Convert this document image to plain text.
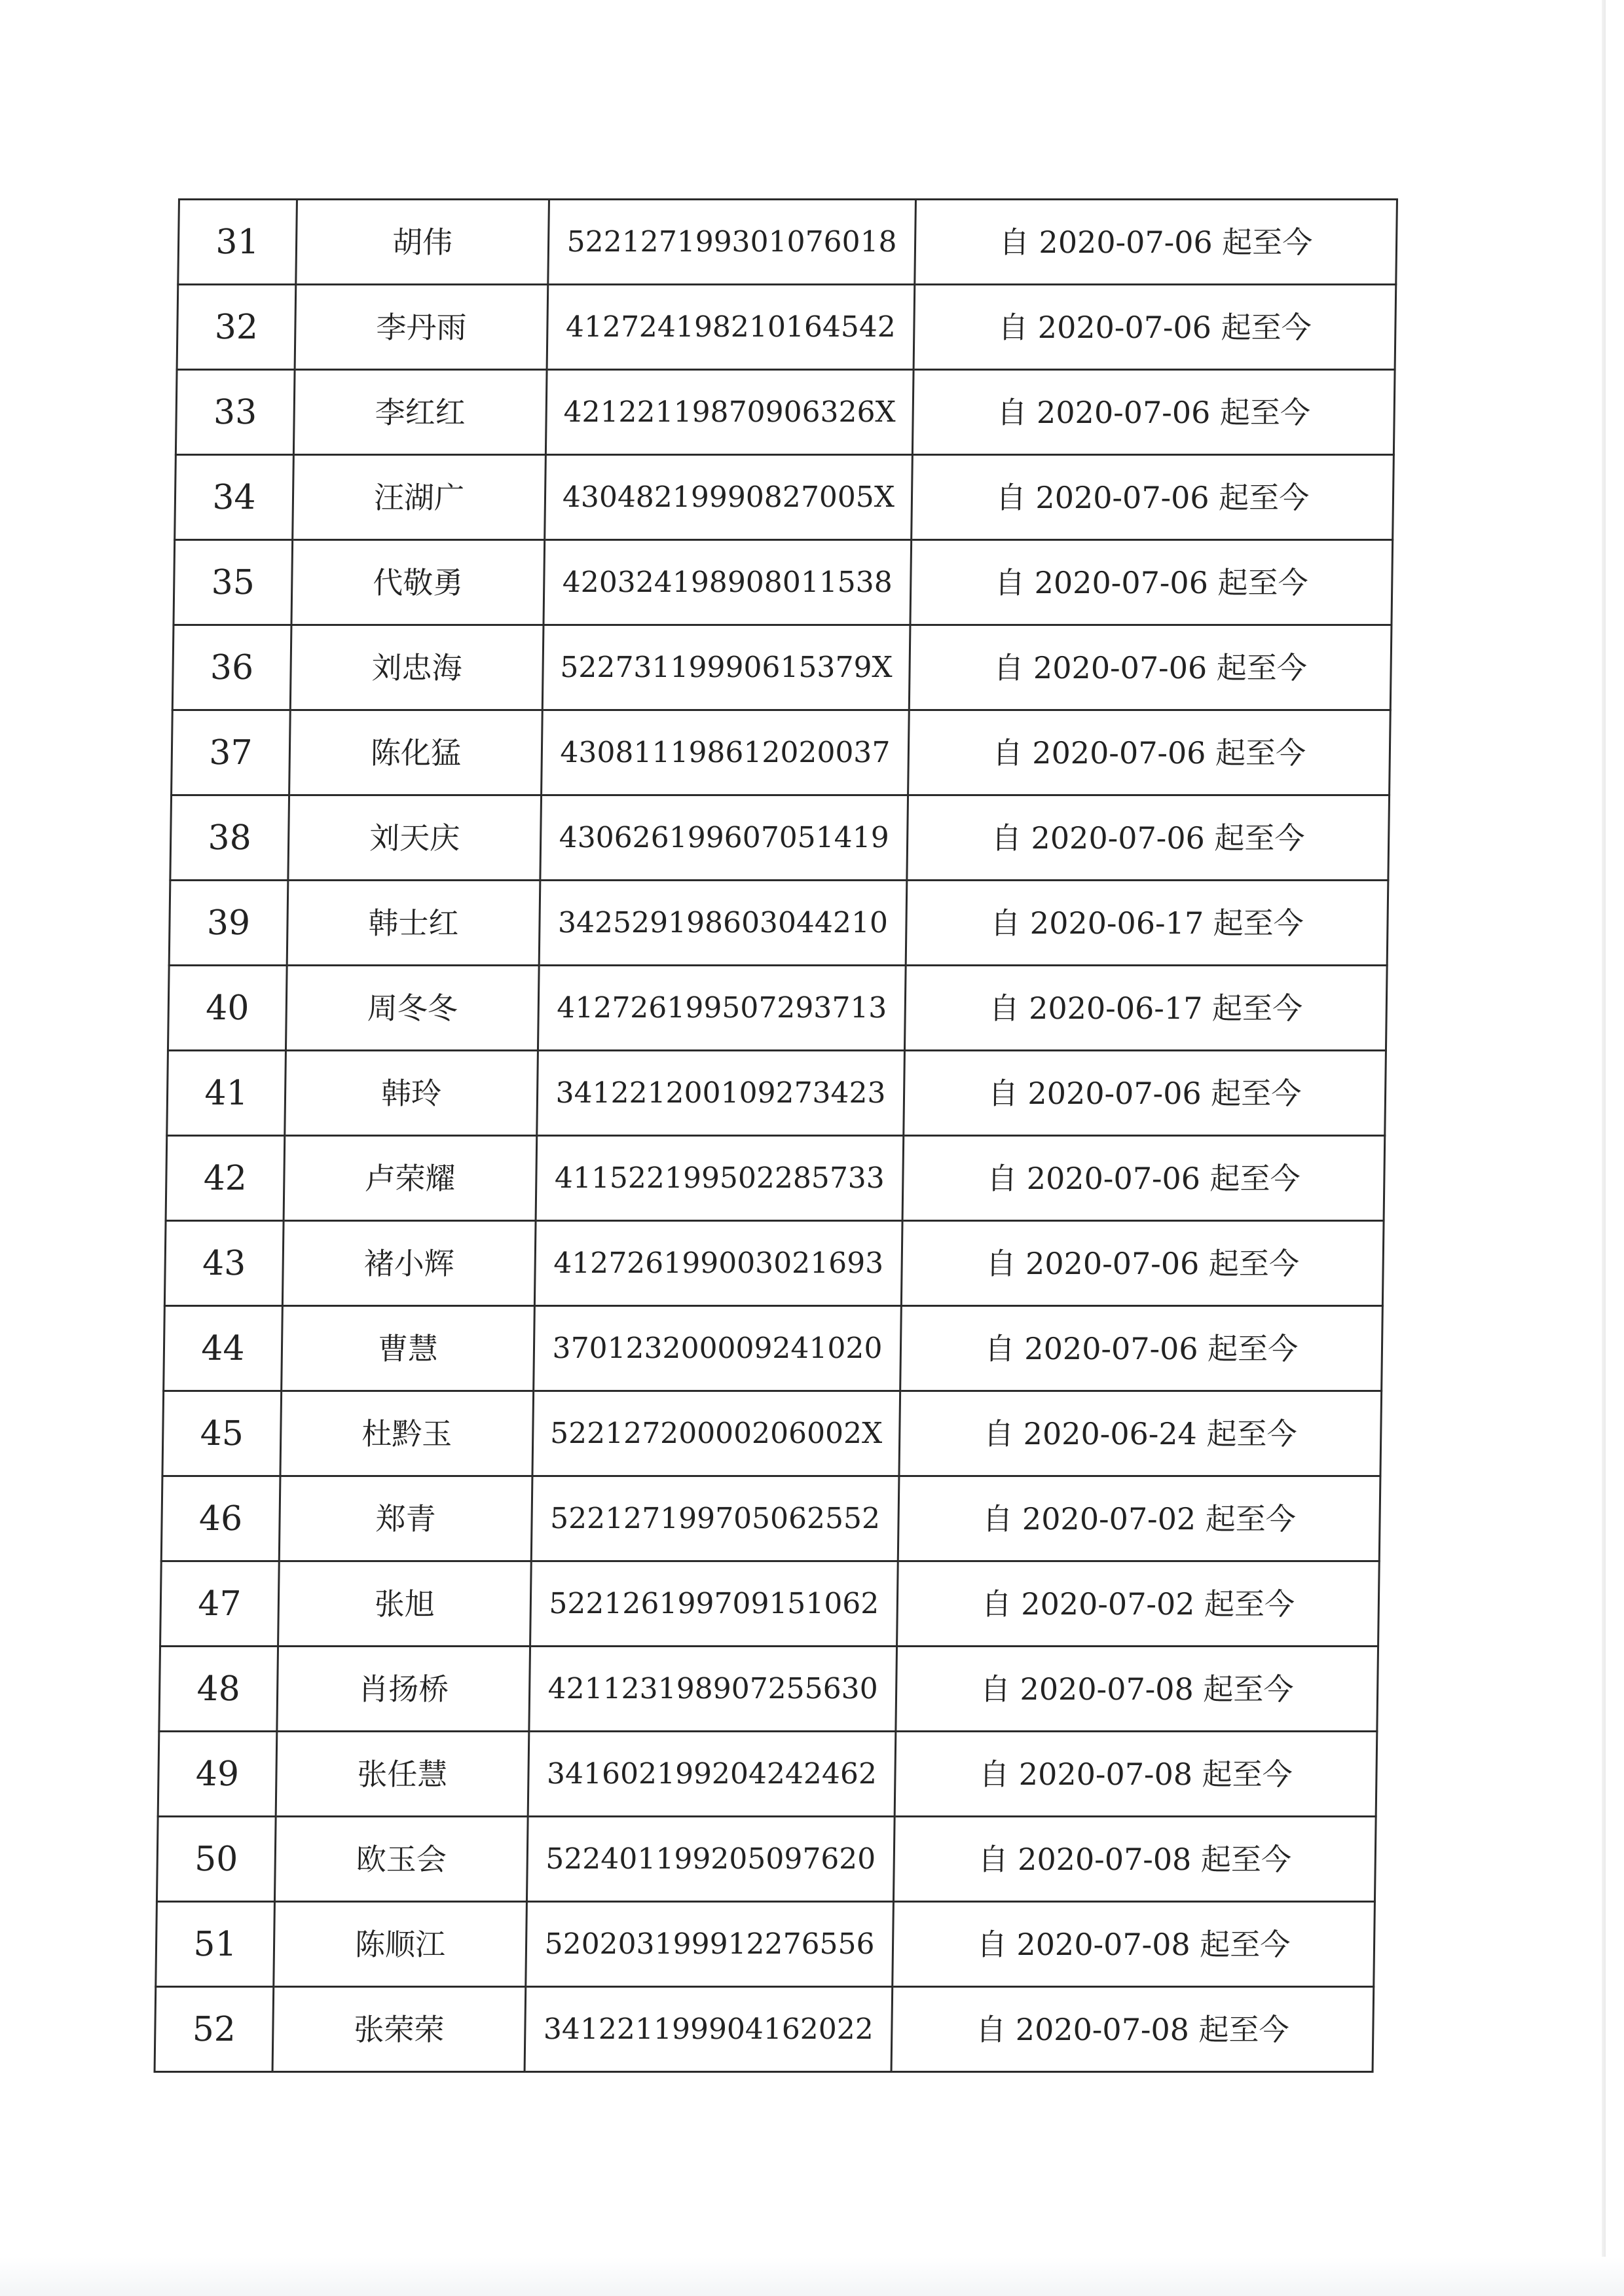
31	胡伟	522127199301076018	自 2020-07-06 起至今
32	李丹雨	412724198210164542	自 2020-07-06 起至今
33	李红红	42122119870906326X	自 2020-07-06 起至今
34	汪湖广	43048219990827005X	自 2020-07-06 起至今
35	代敬勇	420324198908011538	自 2020-07-06 起至今
36	刘忠海	52273119990615379X	自 2020-07-06 起至今
37	陈化猛	430811198612020037	自 2020-07-06 起至今
38	刘天庆	430626199607051419	自 2020-07-06 起至今
39	韩士红	342529198603044210	自 2020-06-17 起至今
40	周冬冬	412726199507293713	自 2020-06-17 起至今
41	韩玲	341221200109273423	自 2020-07-06 起至今
42	卢荣耀	411522199502285733	自 2020-07-06 起至今
43	褚小辉	412726199003021693	自 2020-07-06 起至今
44	曹慧	370123200009241020	自 2020-07-06 起至今
45	杜黔玉	52212720000206002X	自 2020-06-24 起至今
46	郑青	522127199705062552	自 2020-07-02 起至今
47	张旭	522126199709151062	自 2020-07-02 起至今
48	肖扬桥	421123198907255630	自 2020-07-08 起至今
49	张任慧	341602199204242462	自 2020-07-08 起至今
50	欧玉会	522401199205097620	自 2020-07-08 起至今
51	陈顺江	520203199912276556	自 2020-07-08 起至今
52	张荣荣	341221199904162022	自 2020-07-08 起至今
